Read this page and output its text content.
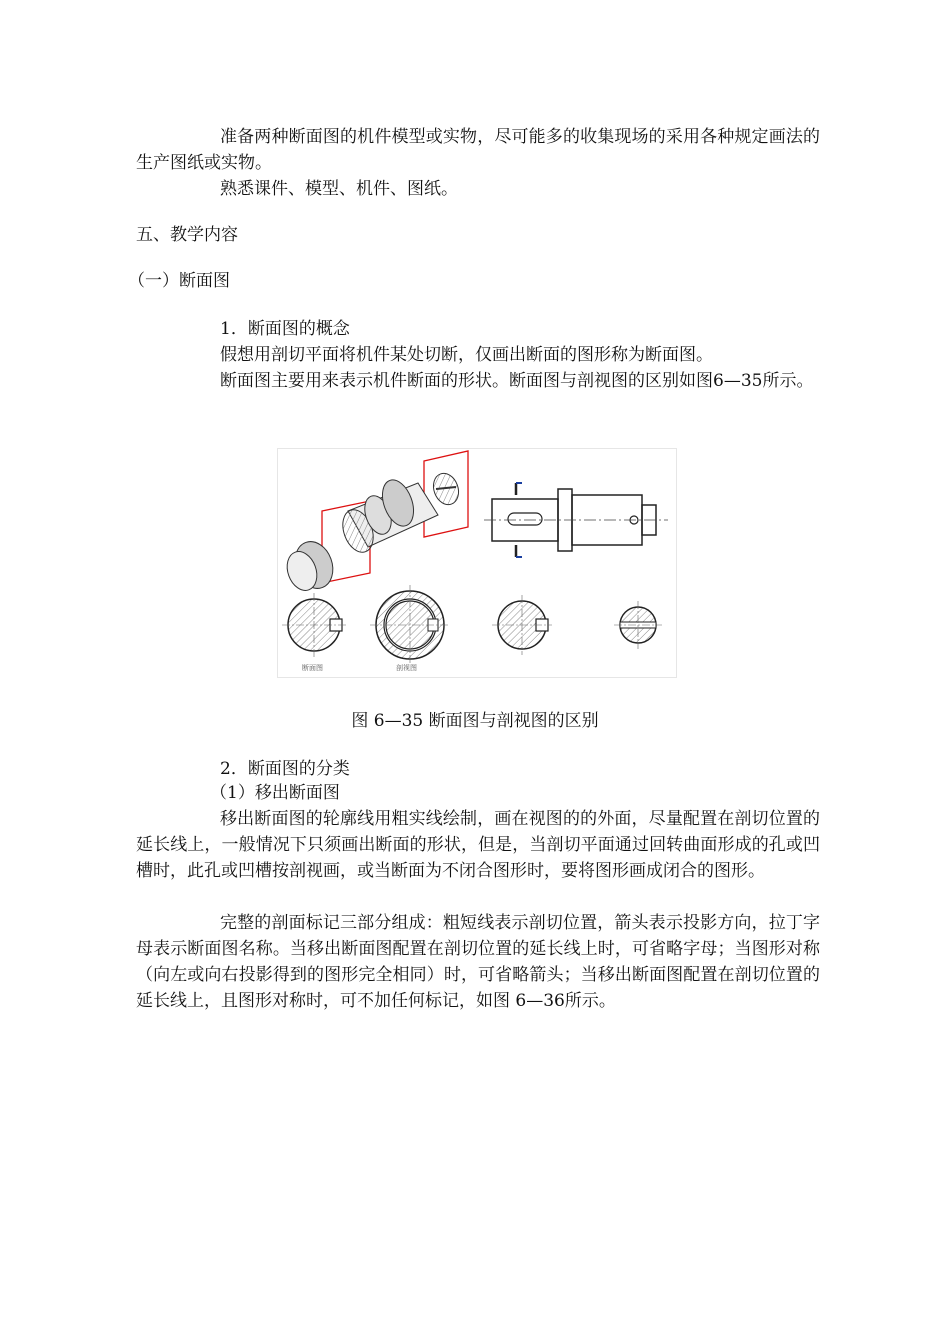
准备两种断面图的机件模型或实物，尽可能多的收集现场的采用各种规定画法的生产图纸或实物。

熟悉课件、模型、机件、图纸。

五、教学内容

（一）断面图

1．断面图的概念

假想用剖切平面将机件某处切断，仅画出断面的图形称为断面图。

断面图主要用来表示机件断面的形状。断面图与剖视图的区别如图6—35所示。

断面图	剖视图
图 6—35 断面图与剖视图的区别

2．断面图的分类

（1）移出断面图

移出断面图的轮廓线用粗实线绘制，画在视图的的外面，尽量配置在剖切位置的延长线上，一般情况下只须画出断面的形状，但是，当剖切平面通过回转曲面形成的孔或凹槽时，此孔或凹槽按剖视画，或当断面为不闭合图形时，要将图形画成闭合的图形。

完整的剖面标记三部分组成：粗短线表示剖切位置，箭头表示投影方向，拉丁字母表示断面图名称。当移出断面图配置在剖切位置的延长线上时，可省略字母；当图形对称（向左或向右投影得到的图形完全相同）时，可省略箭头；当移出断面图配置在剖切位置的延长线上，且图形对称时，可不加任何标记，如图 6—36所示。
